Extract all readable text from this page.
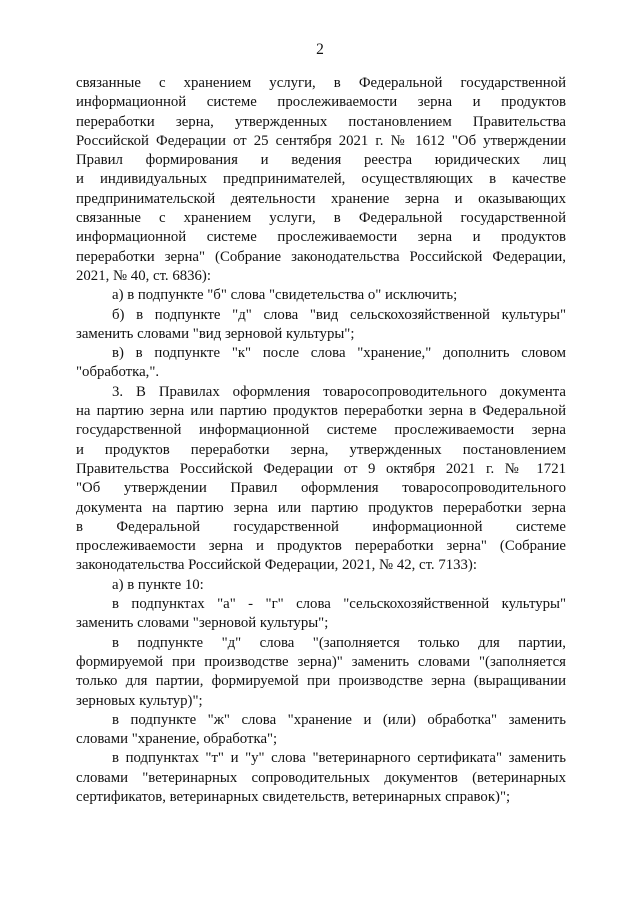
2
связанные с хранением услуги, в Федеральной государственной
информационной системе прослеживаемости зерна и продуктов
переработки зерна, утвержденных постановлением Правительства
Российской Федерации от 25 сентября 2021 г. № 1612 "Об утверждении
Правил формирования и ведения реестра юридических лиц
и индивидуальных предпринимателей, осуществляющих в качестве
предпринимательской деятельности хранение зерна и оказывающих
связанные с хранением услуги, в Федеральной государственной
информационной системе прослеживаемости зерна и продуктов
переработки зерна" (Собрание законодательства Российской Федерации,
2021, № 40, ст. 6836):
а) в подпункте "б" слова "свидетельства о" исключить;
б) в подпункте "д" слова "вид сельскохозяйственной культуры"
заменить словами "вид зерновой культуры";
в) в подпункте "к" после слова "хранение," дополнить словом
"обработка,".
3. В Правилах оформления товаросопроводительного документа
на партию зерна или партию продуктов переработки зерна в Федеральной
государственной информационной системе прослеживаемости зерна
и продуктов переработки зерна, утвержденных постановлением
Правительства Российской Федерации от 9 октября 2021 г. № 1721
"Об утверждении Правил оформления товаросопроводительного
документа на партию зерна или партию продуктов переработки зерна
в Федеральной государственной информационной системе
прослеживаемости зерна и продуктов переработки зерна" (Собрание
законодательства Российской Федерации, 2021, № 42, ст. 7133):
а) в пункте 10:
в подпунктах "а" - "г" слова "сельскохозяйственной культуры"
заменить словами "зерновой культуры";
в подпункте "д" слова "(заполняется только для партии,
формируемой при производстве зерна)" заменить словами "(заполняется
только для партии, формируемой при производстве зерна (выращивании
зерновых культур)";
в подпункте "ж" слова "хранение и (или) обработка" заменить
словами "хранение, обработка";
в подпунктах "т" и "у" слова "ветеринарного сертификата" заменить
словами "ветеринарных сопроводительных документов (ветеринарных
сертификатов, ветеринарных свидетельств, ветеринарных справок)";
